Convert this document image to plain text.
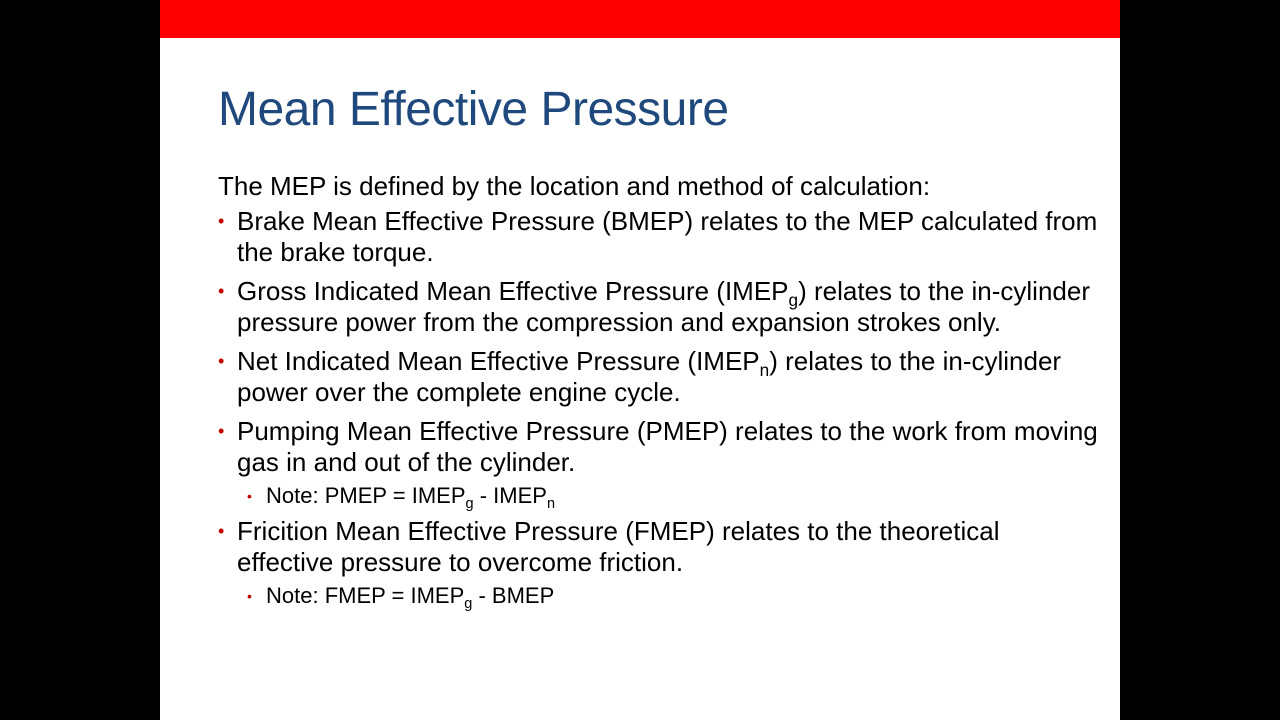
Mean Effective Pressure

The MEP is defined by the location and method of calculation:

• Brake Mean Effective Pressure (BMEP) relates to the MEP calculated from the brake torque.
• Gross Indicated Mean Effective Pressure $(IMEP_g)$ relates to the in-cylinder pressure power from the compression and expansion strokes only.
• Net Indicated Mean Effective Pressure $(IMEP_n)$ relates to the in-cylinder power over the complete engine cycle.
• Pumping Mean Effective Pressure (PMEP) relates to the work from moving gas in and out of the cylinder.
• Note: PMEP = $IMEP_g$ - $IMEP_n$
• Fricition Mean Effective Pressure (FMEP) relates to the theoretical effective pressure to overcome friction.
• Note: FMEP = $IMEP_g$ - BMEP
